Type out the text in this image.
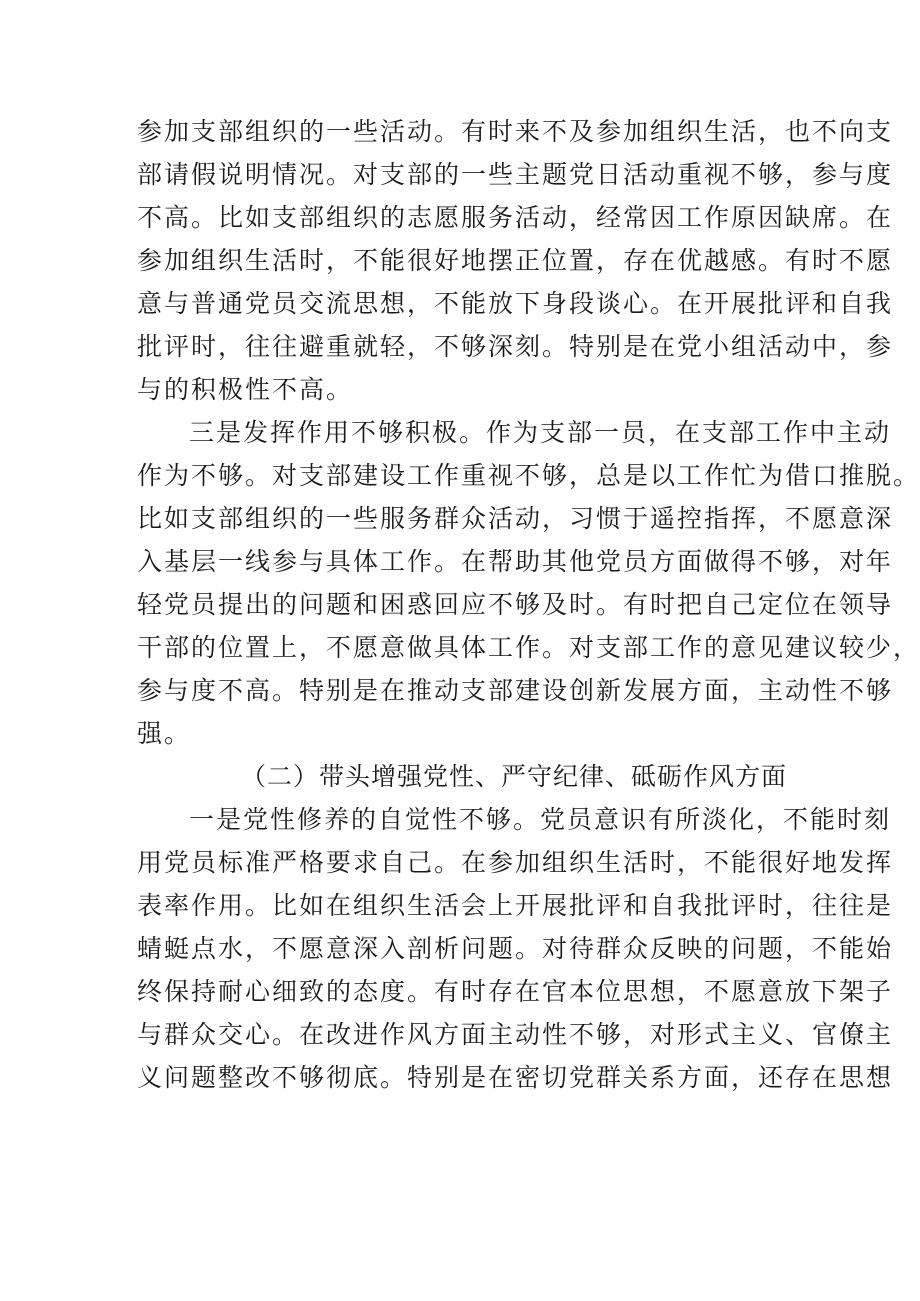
参加支部组织的一些活动。有时来不及参加组织生活，也不向支
部请假说明情况。对支部的一些主题党日活动重视不够，参与度
不高。比如支部组织的志愿服务活动，经常因工作原因缺席。在
参加组织生活时，不能很好地摆正位置，存在优越感。有时不愿
意与普通党员交流思想，不能放下身段谈心。在开展批评和自我
批评时，往往避重就轻，不够深刻。特别是在党小组活动中，参
与的积极性不高。
三是发挥作用不够积极。作为支部一员，在支部工作中主动
作为不够。对支部建设工作重视不够，总是以工作忙为借口推脱。
比如支部组织的一些服务群众活动，习惯于遥控指挥，不愿意深
入基层一线参与具体工作。在帮助其他党员方面做得不够，对年
轻党员提出的问题和困惑回应不够及时。有时把自己定位在领导
干部的位置上，不愿意做具体工作。对支部工作的意见建议较少，
参与度不高。特别是在推动支部建设创新发展方面，主动性不够
强。
（二）带头增强党性、严守纪律、砥砺作风方面
一是党性修养的自觉性不够。党员意识有所淡化，不能时刻
用党员标准严格要求自己。在参加组织生活时，不能很好地发挥
表率作用。比如在组织生活会上开展批评和自我批评时，往往是
蜻蜓点水，不愿意深入剖析问题。对待群众反映的问题，不能始
终保持耐心细致的态度。有时存在官本位思想，不愿意放下架子
与群众交心。在改进作风方面主动性不够，对形式主义、官僚主
义问题整改不够彻底。特别是在密切党群关系方面，还存在思想
